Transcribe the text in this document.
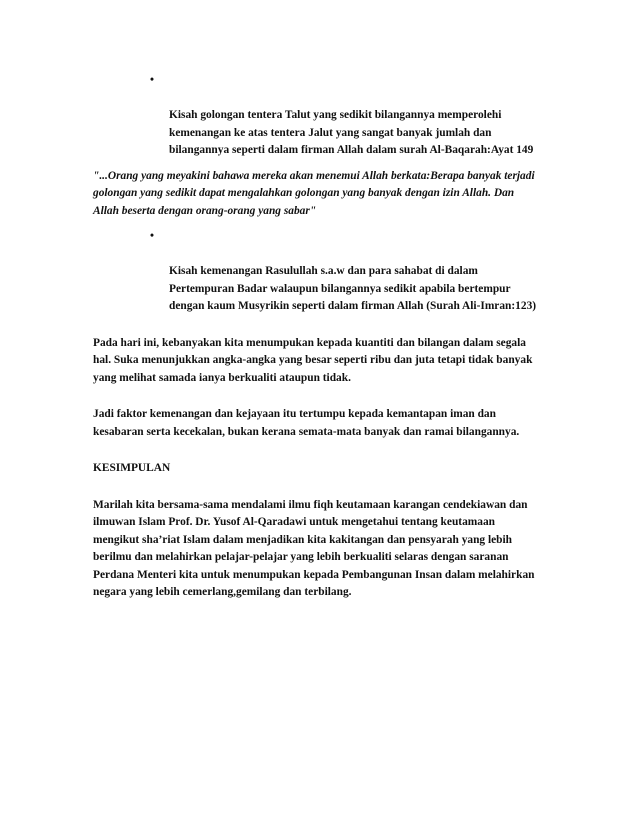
•

Kisah golongan tentera Talut yang sedikit bilangannya memperolehi
kemenangan ke atas tentera Jalut yang sangat banyak jumlah dan
bilangannya seperti dalam firman Allah dalam surah Al-Baqarah:Ayat 149

"...Orang yang meyakini bahawa mereka akan menemui Allah berkata:Berapa banyak terjadi
golongan yang sedikit dapat mengalahkan golongan yang banyak dengan izin Allah. Dan
Allah beserta dengan orang-orang yang sabar"

•

Kisah kemenangan Rasulullah s.a.w dan para sahabat di dalam
Pertempuran Badar walaupun bilangannya sedikit apabila bertempur
dengan kaum Musyrikin seperti dalam firman Allah (Surah Ali-Imran:123)

Pada hari ini, kebanyakan kita menumpukan kepada kuantiti dan bilangan dalam segala
hal. Suka menunjukkan angka-angka yang besar seperti ribu dan juta tetapi tidak banyak
yang melihat samada ianya berkualiti ataupun tidak.

Jadi faktor kemenangan dan kejayaan itu tertumpu kepada kemantapan iman dan
kesabaran serta kecekalan, bukan kerana semata-mata banyak dan ramai bilangannya.

KESIMPULAN

Marilah kita bersama-sama mendalami ilmu fiqh keutamaan karangan cendekiawan dan
ilmuwan Islam Prof. Dr. Yusof Al-Qaradawi untuk mengetahui tentang keutamaan
mengikut sha’riat Islam dalam menjadikan kita kakitangan dan pensyarah yang lebih
berilmu dan melahirkan pelajar-pelajar yang lebih berkualiti selaras dengan saranan
Perdana Menteri kita untuk menumpukan kepada Pembangunan Insan dalam melahirkan
negara yang lebih cemerlang,gemilang dan terbilang.
